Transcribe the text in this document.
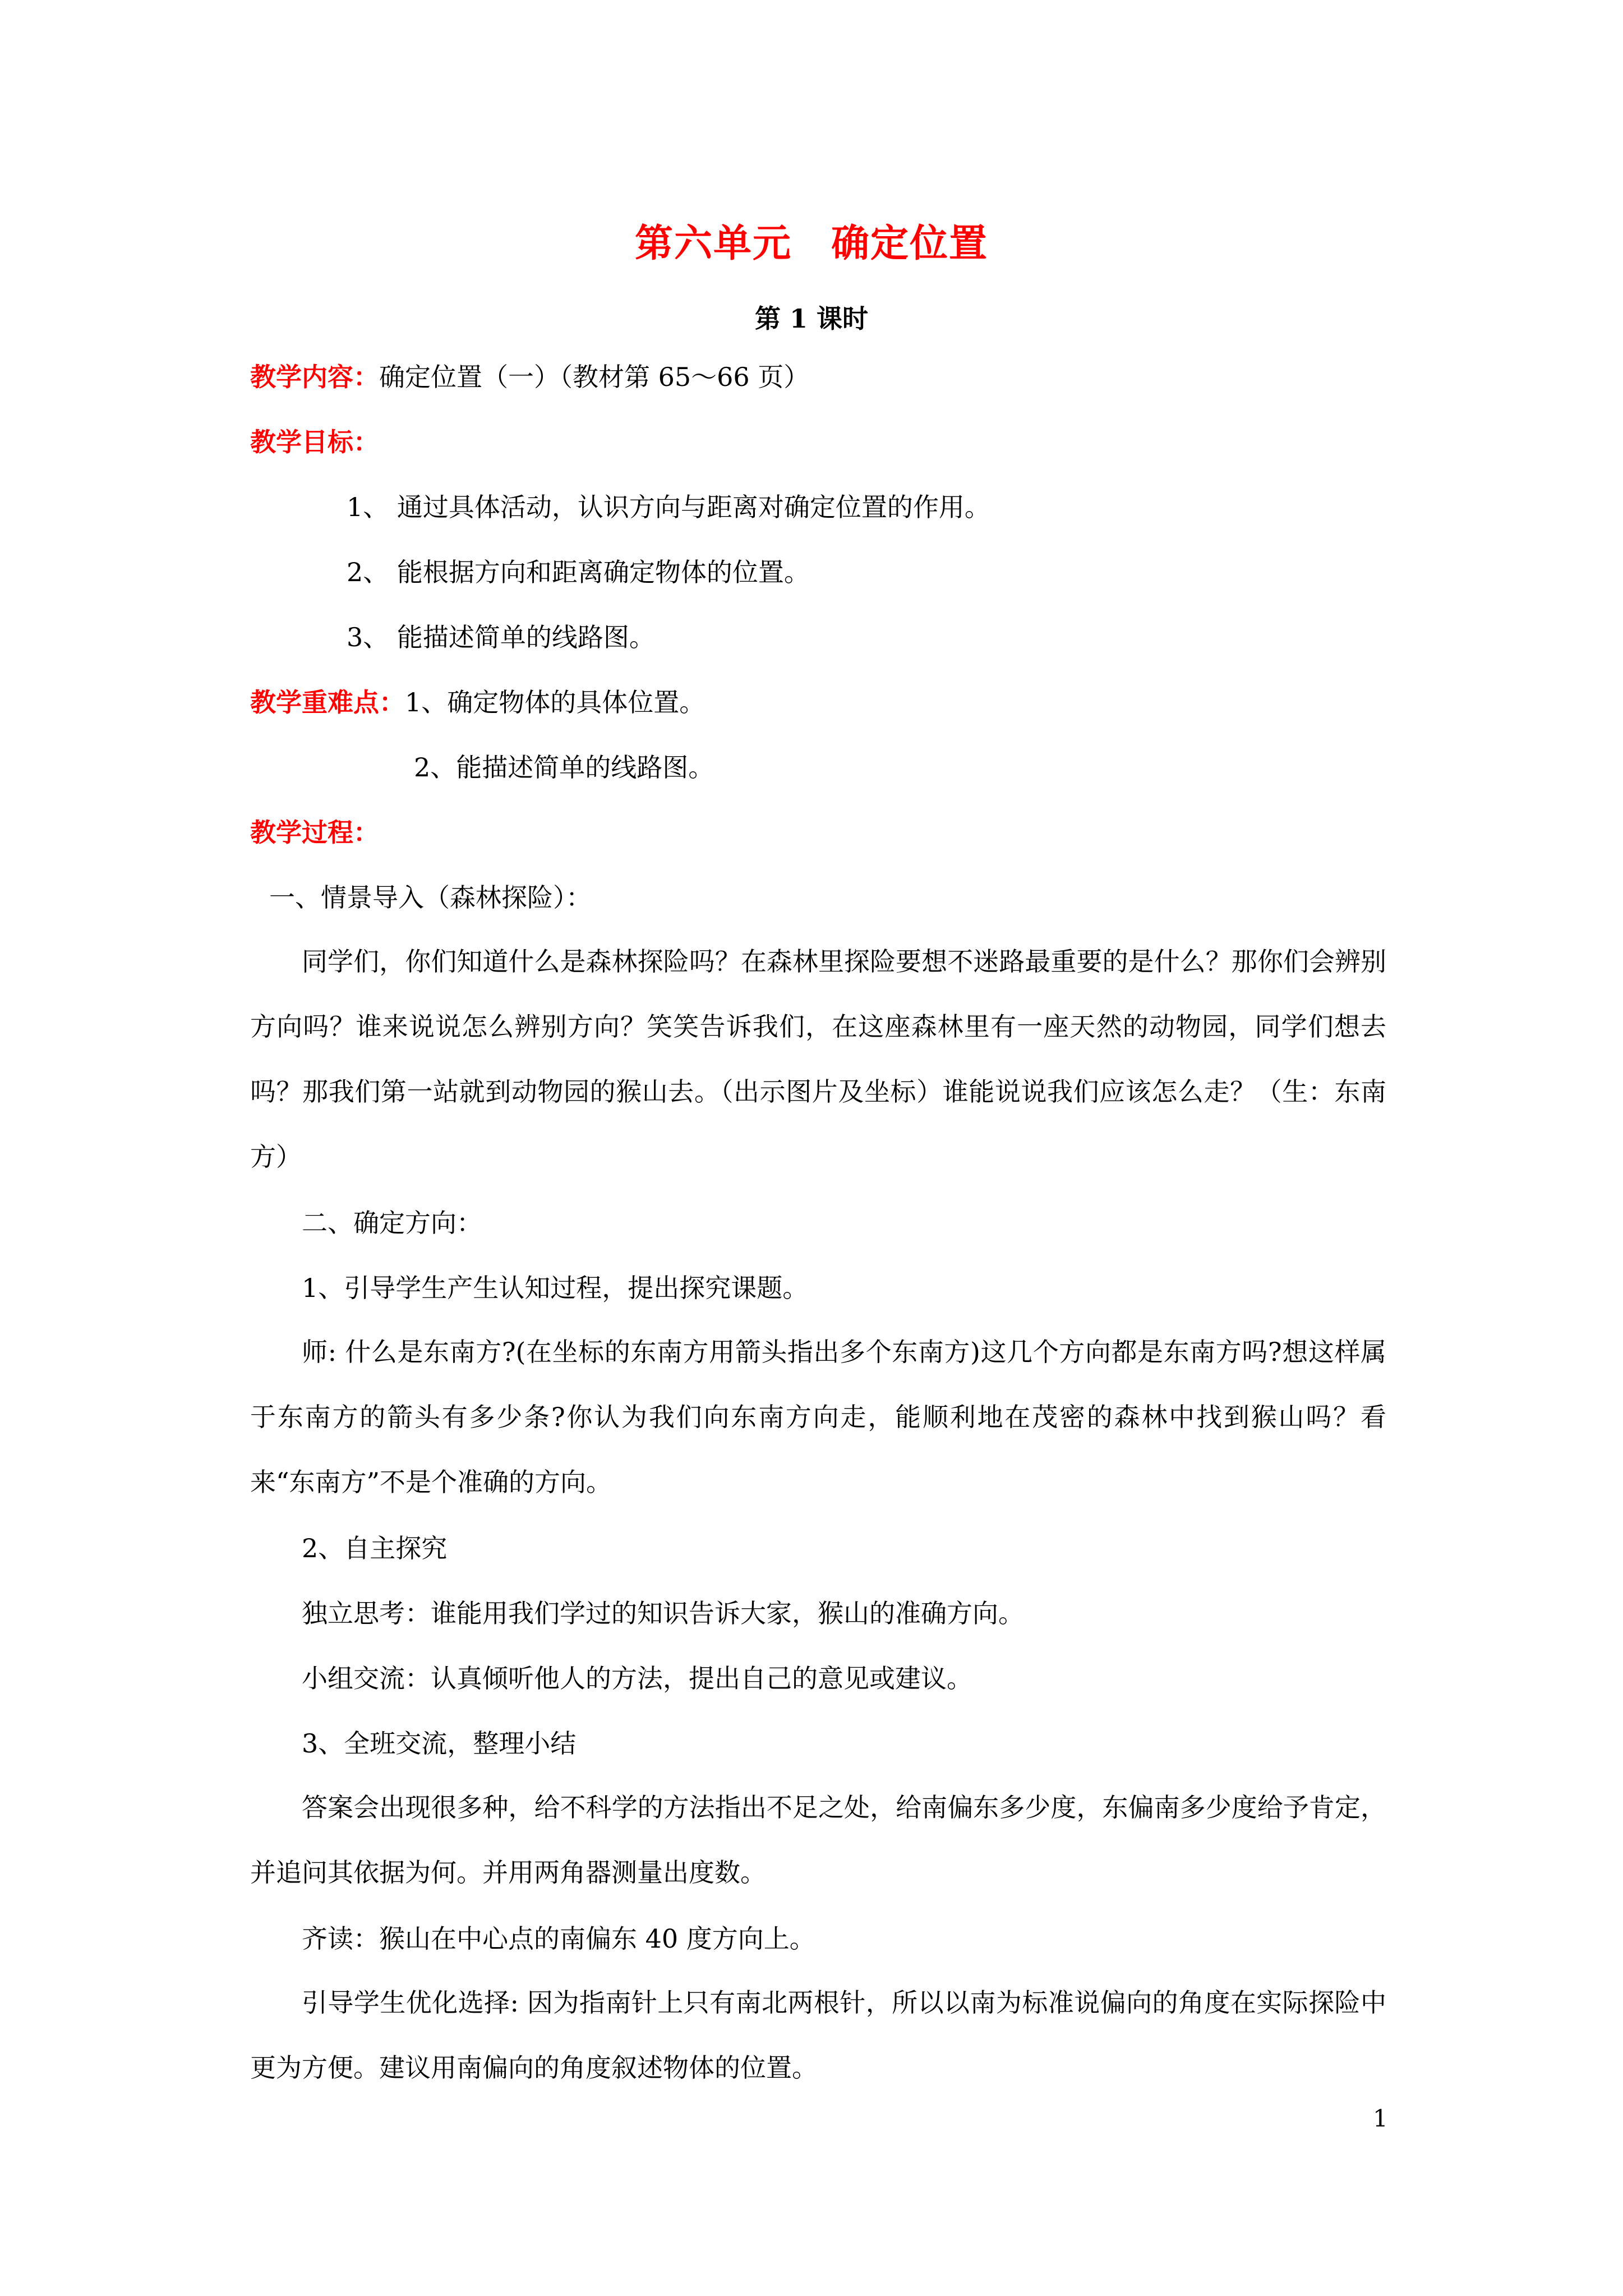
第六单元　确定位置
第 1 课时
教学内容：确定位置（一）（教材第 65～66 页）
教学目标：
1、 通过具体活动，认识方向与距离对确定位置的作用。
2、 能根据方向和距离确定物体的位置。
3、 能描述简单的线路图。
教学重难点：1、确定物体的具体位置。
2、能描述简单的线路图。
教学过程：
一、情景导入（森林探险）：
同学们，你们知道什么是森林探险吗？在森林里探险要想不迷路最重要的是什么？那你们会辨别方向吗？谁来说说怎么辨别方向？笑笑告诉我们，在这座森林里有一座天然的动物园，同学们想去吗？那我们第一站就到动物园的猴山去。（出示图片及坐标）谁能说说我们应该怎么走？（生：东南方）
二、确定方向：
1、引导学生产生认知过程，提出探究课题。
师: 什么是东南方?(在坐标的东南方用箭头指出多个东南方)这几个方向都是东南方吗?想这样属于东南方的箭头有多少条?你认为我们向东南方向走，能顺利地在茂密的森林中找到猴山吗？看来“东南方”不是个准确的方向。
2、自主探究
独立思考：谁能用我们学过的知识告诉大家，猴山的准确方向。
小组交流：认真倾听他人的方法，提出自己的意见或建议。
3、全班交流，整理小结
答案会出现很多种，给不科学的方法指出不足之处，给南偏东多少度，东偏南多少度给予肯定，并追问其依据为何。并用两角器测量出度数。
齐读：猴山在中心点的南偏东 40 度方向上。
引导学生优化选择: 因为指南针上只有南北两根针，所以以南为标准说偏向的角度在实际探险中更为方便。建议用南偏向的角度叙述物体的位置。
1
